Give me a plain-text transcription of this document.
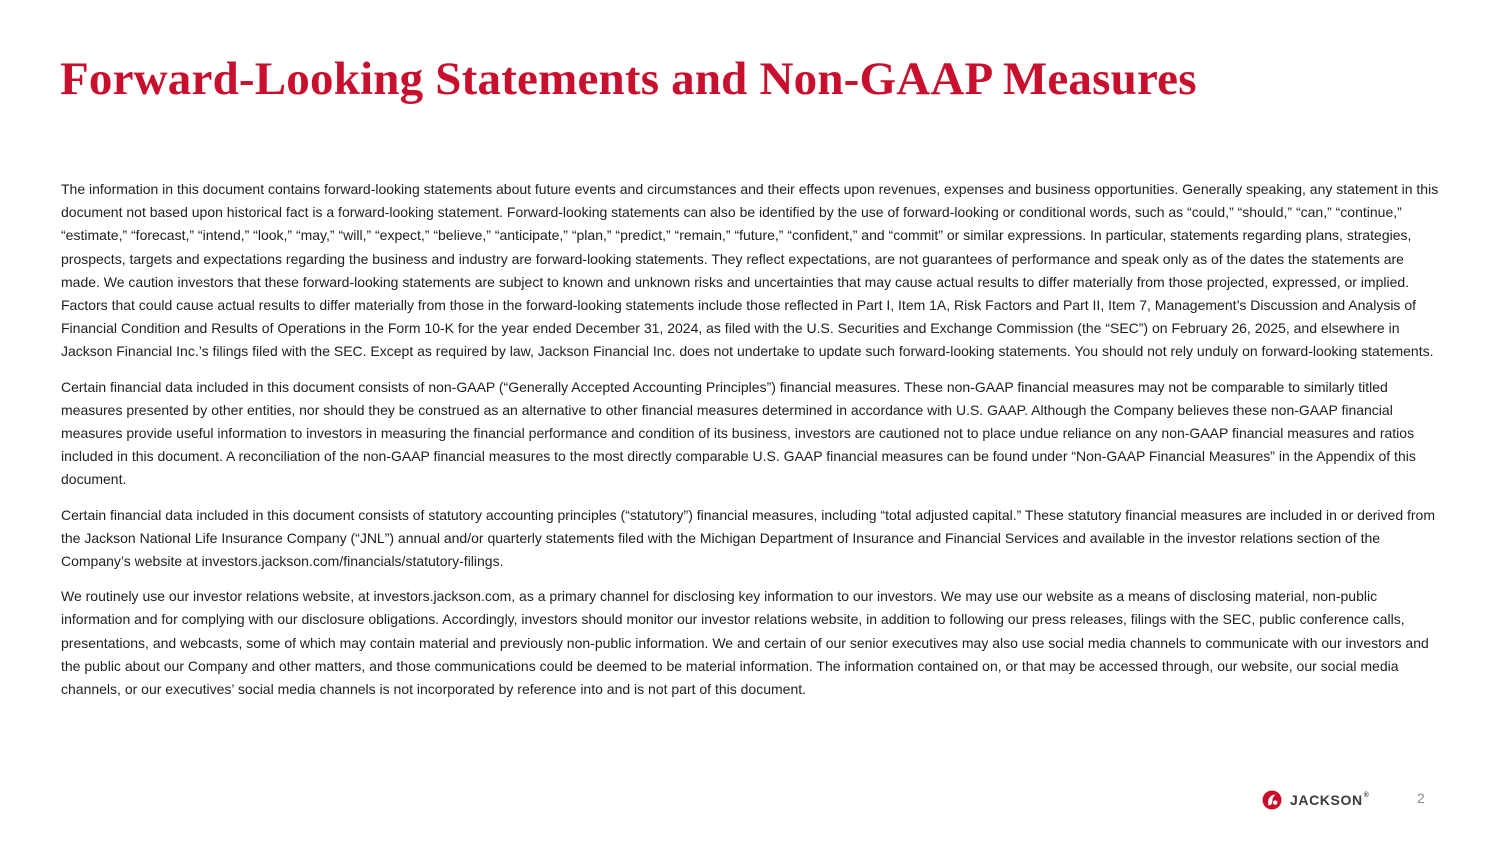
Forward-Looking Statements and Non-GAAP Measures

The information in this document contains forward-looking statements about future events and circumstances and their effects upon revenues, expenses and business opportunities. Generally speaking, any statement in this document not based upon historical fact is a forward-looking statement. Forward-looking statements can also be identified by the use of forward-looking or conditional words, such as “could,” “should,” “can,” “continue,” “estimate,” “forecast,” “intend,” “look,” “may,” “will,” “expect,” “believe,” “anticipate,” “plan,” “predict,” “remain,” “future,” “confident,” and “commit” or similar expressions. In particular, statements regarding plans, strategies, prospects, targets and expectations regarding the business and industry are forward-looking statements. They reflect expectations, are not guarantees of performance and speak only as of the dates the statements are made. We caution investors that these forward-looking statements are subject to known and unknown risks and uncertainties that may cause actual results to differ materially from those projected, expressed, or implied. Factors that could cause actual results to differ materially from those in the forward-looking statements include those reflected in Part I, Item 1A, Risk Factors and Part II, Item 7, Management’s Discussion and Analysis of Financial Condition and Results of Operations in the Form 10-K for the year ended December 31, 2024, as filed with the U.S. Securities and Exchange Commission (the “SEC”) on February 26, 2025, and elsewhere in Jackson Financial Inc.’s filings filed with the SEC. Except as required by law, Jackson Financial Inc. does not undertake to update such forward-looking statements. You should not rely unduly on forward-looking statements.

Certain financial data included in this document consists of non-GAAP (“Generally Accepted Accounting Principles”) financial measures. These non-GAAP financial measures may not be comparable to similarly titled measures presented by other entities, nor should they be construed as an alternative to other financial measures determined in accordance with U.S. GAAP. Although the Company believes these non-GAAP financial measures provide useful information to investors in measuring the financial performance and condition of its business, investors are cautioned not to place undue reliance on any non-GAAP financial measures and ratios included in this document. A reconciliation of the non-GAAP financial measures to the most directly comparable U.S. GAAP financial measures can be found under “Non-GAAP Financial Measures” in the Appendix of this document.

Certain financial data included in this document consists of statutory accounting principles (“statutory”) financial measures, including “total adjusted capital.” These statutory financial measures are included in or derived from the Jackson National Life Insurance Company (“JNL”) annual and/or quarterly statements filed with the Michigan Department of Insurance and Financial Services and available in the investor relations section of the Company’s website at investors.jackson.com/financials/statutory-filings.

We routinely use our investor relations website, at investors.jackson.com, as a primary channel for disclosing key information to our investors. We may use our website as a means of disclosing material, non-public information and for complying with our disclosure obligations. Accordingly, investors should monitor our investor relations website, in addition to following our press releases, filings with the SEC, public conference calls, presentations, and webcasts, some of which may contain material and previously non-public information. We and certain of our senior executives may also use social media channels to communicate with our investors and the public about our Company and other matters, and those communications could be deemed to be material information. The information contained on, or that may be accessed through, our website, our social media channels, or our executives’ social media channels is not incorporated by reference into and is not part of this document.

JACKSON®	2
